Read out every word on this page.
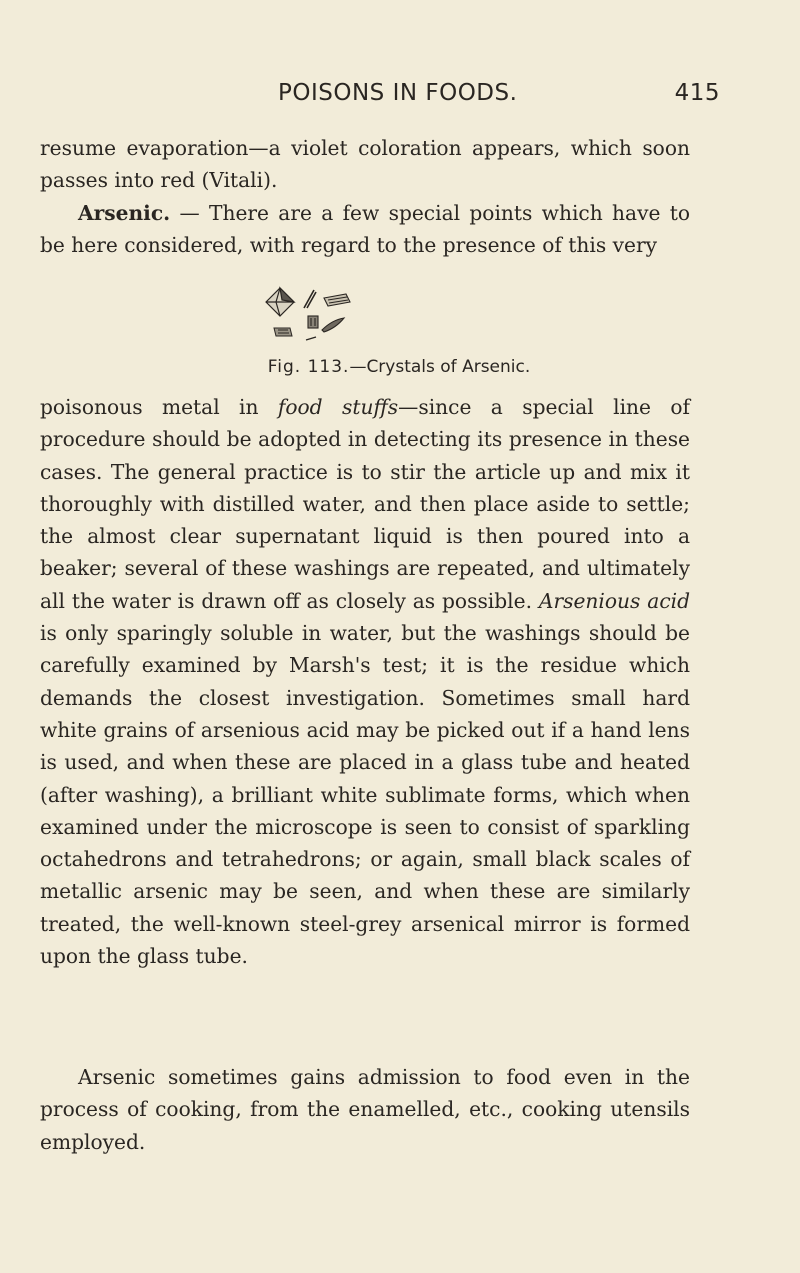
POISONS IN FOODS.	415

resume evaporation—a violet coloration appears, which soon passes into red (Vitali).
Arsenic. — There are a few special points which have to be here considered, with regard to the presence of this very

Fig. 113.—Crystals of Arsenic.

poisonous metal in food stuffs—since a special line of procedure should be adopted in detecting its presence in these cases. The general practice is to stir the article up and mix it thoroughly with distilled water, and then place aside to settle; the almost clear supernatant liquid is then poured into a beaker; several of these washings are repeated, and ultimately all the water is drawn off as closely as possible. Arsenious acid is only sparingly soluble in water, but the washings should be carefully examined by Marsh's test; it is the residue which demands the closest investigation. Sometimes small hard white grains of arsenious acid may be picked out if a hand lens is used, and when these are placed in a glass tube and heated (after washing), a brilliant white sublimate forms, which when examined under the microscope is seen to consist of sparkling octahedrons and tetrahedrons; or again, small black scales of metallic arsenic may be seen, and when these are similarly treated, the well-known steel-grey arsenical mirror is formed upon the glass tube.

Arsenic sometimes gains admission to food even in the process of cooking, from the enamelled, etc., cooking utensils employed.
